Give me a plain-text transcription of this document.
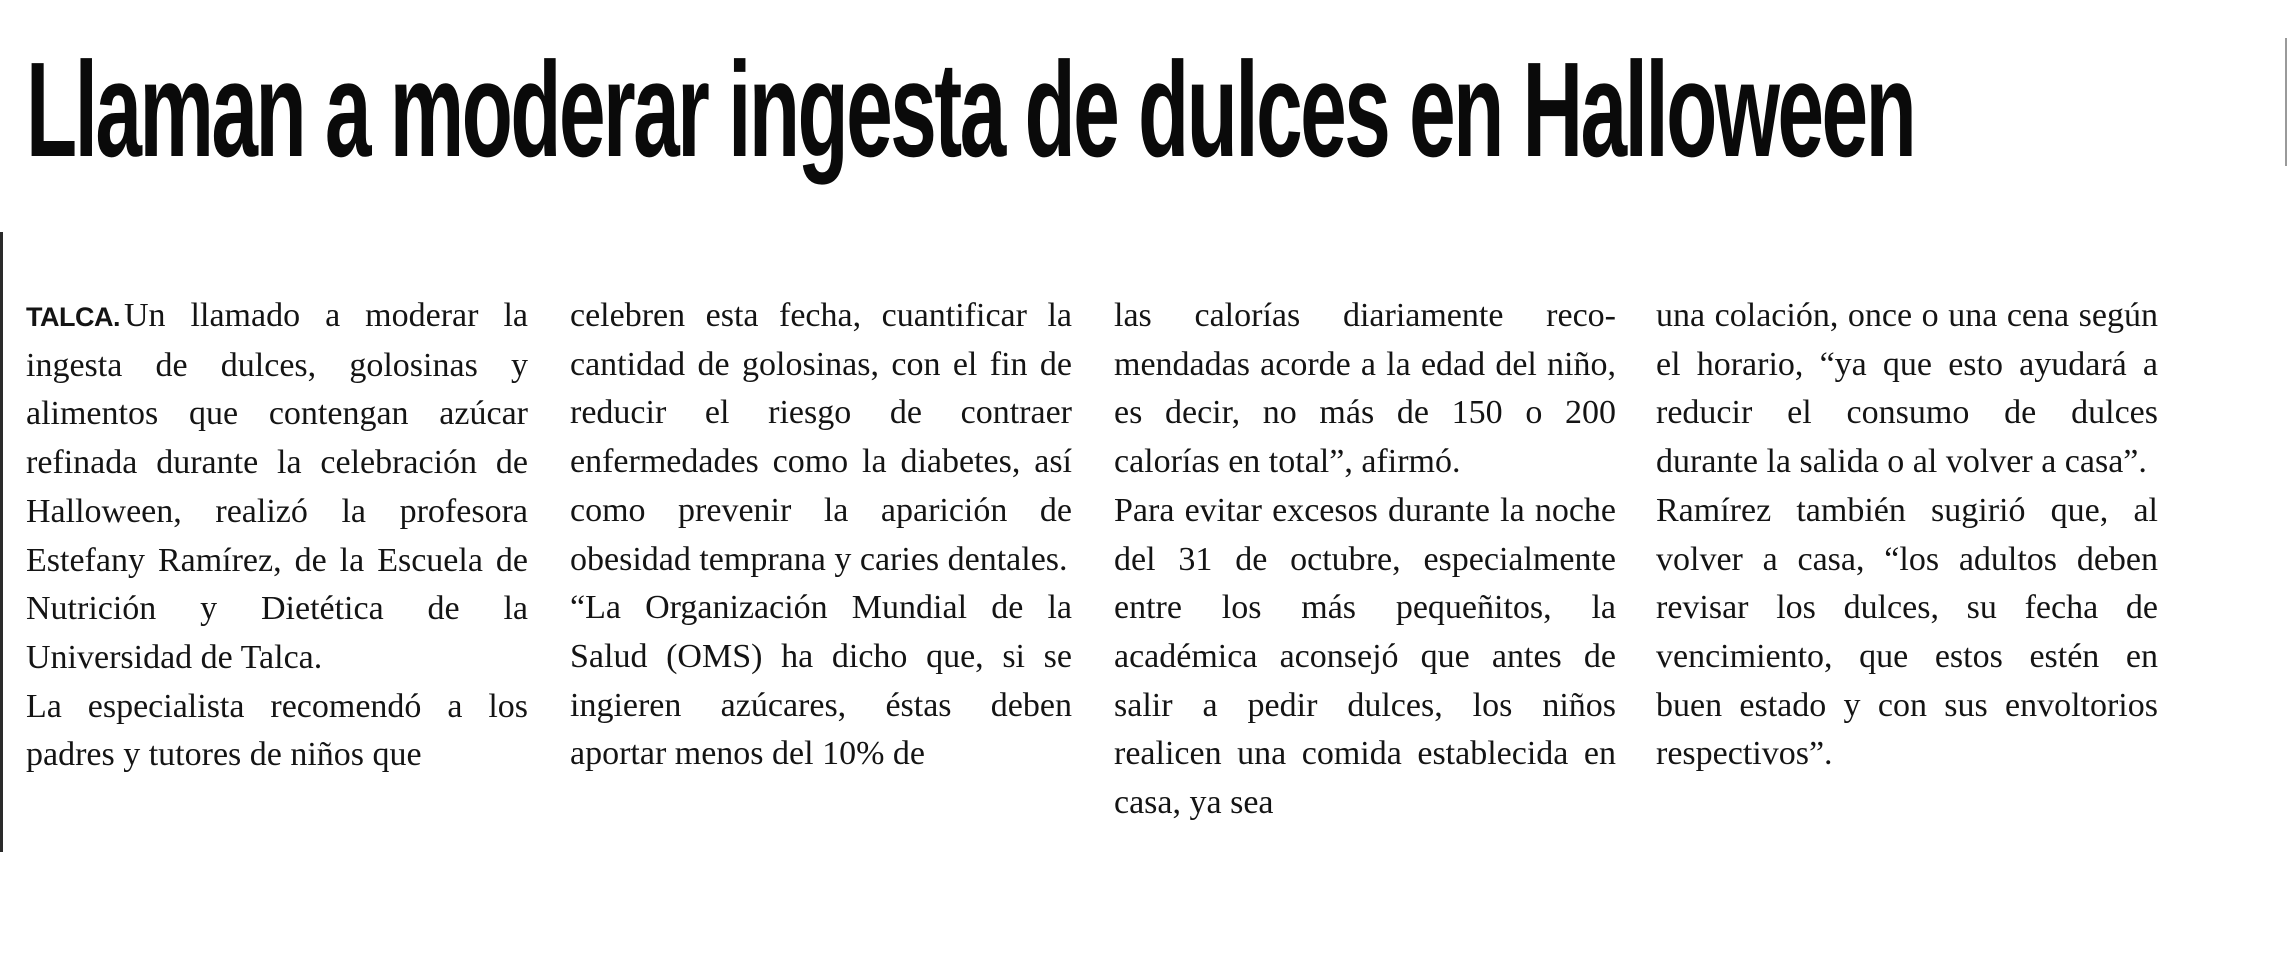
Llaman a moderar ingesta de dulces en Halloween

TALCA. Un llamado a moderar la ingesta de dulces, golosinas y alimentos que contengan azúcar refinada durante la celebración de Halloween, realizó la profesora Estefany Ramírez, de la Escuela de Nutrición y Dietética de la Universidad de Talca.

La especialista recomendó a los padres y tutores de niños que

celebren esta fecha, cuantificar la cantidad de golosinas, con el fin de reducir el riesgo de contraer enfermedades como la diabetes, así como prevenir la aparición de obesidad temprana y caries dentales.

“La Organización Mundial de la Salud (OMS) ha dicho que, si se ingieren azúcares, éstas deben aportar menos del 10% de

las calorías diariamente recomendadas acorde a la edad del niño, es decir, no más de 150 o 200 calorías en total”, afirmó.

Para evitar excesos durante la noche del 31 de octubre, especialmente entre los más pequeñitos, la académica aconsejó que antes de salir a pedir dulces, los niños realicen una comida establecida en casa, ya sea

una colación, once o una cena según el horario, “ya que esto ayudará a reducir el consumo de dulces durante la salida o al volver a casa”.

Ramírez también sugirió que, al volver a casa, “los adultos deben revisar los dulces, su fecha de vencimiento, que estos estén en buen estado y con sus envoltorios respectivos”.
